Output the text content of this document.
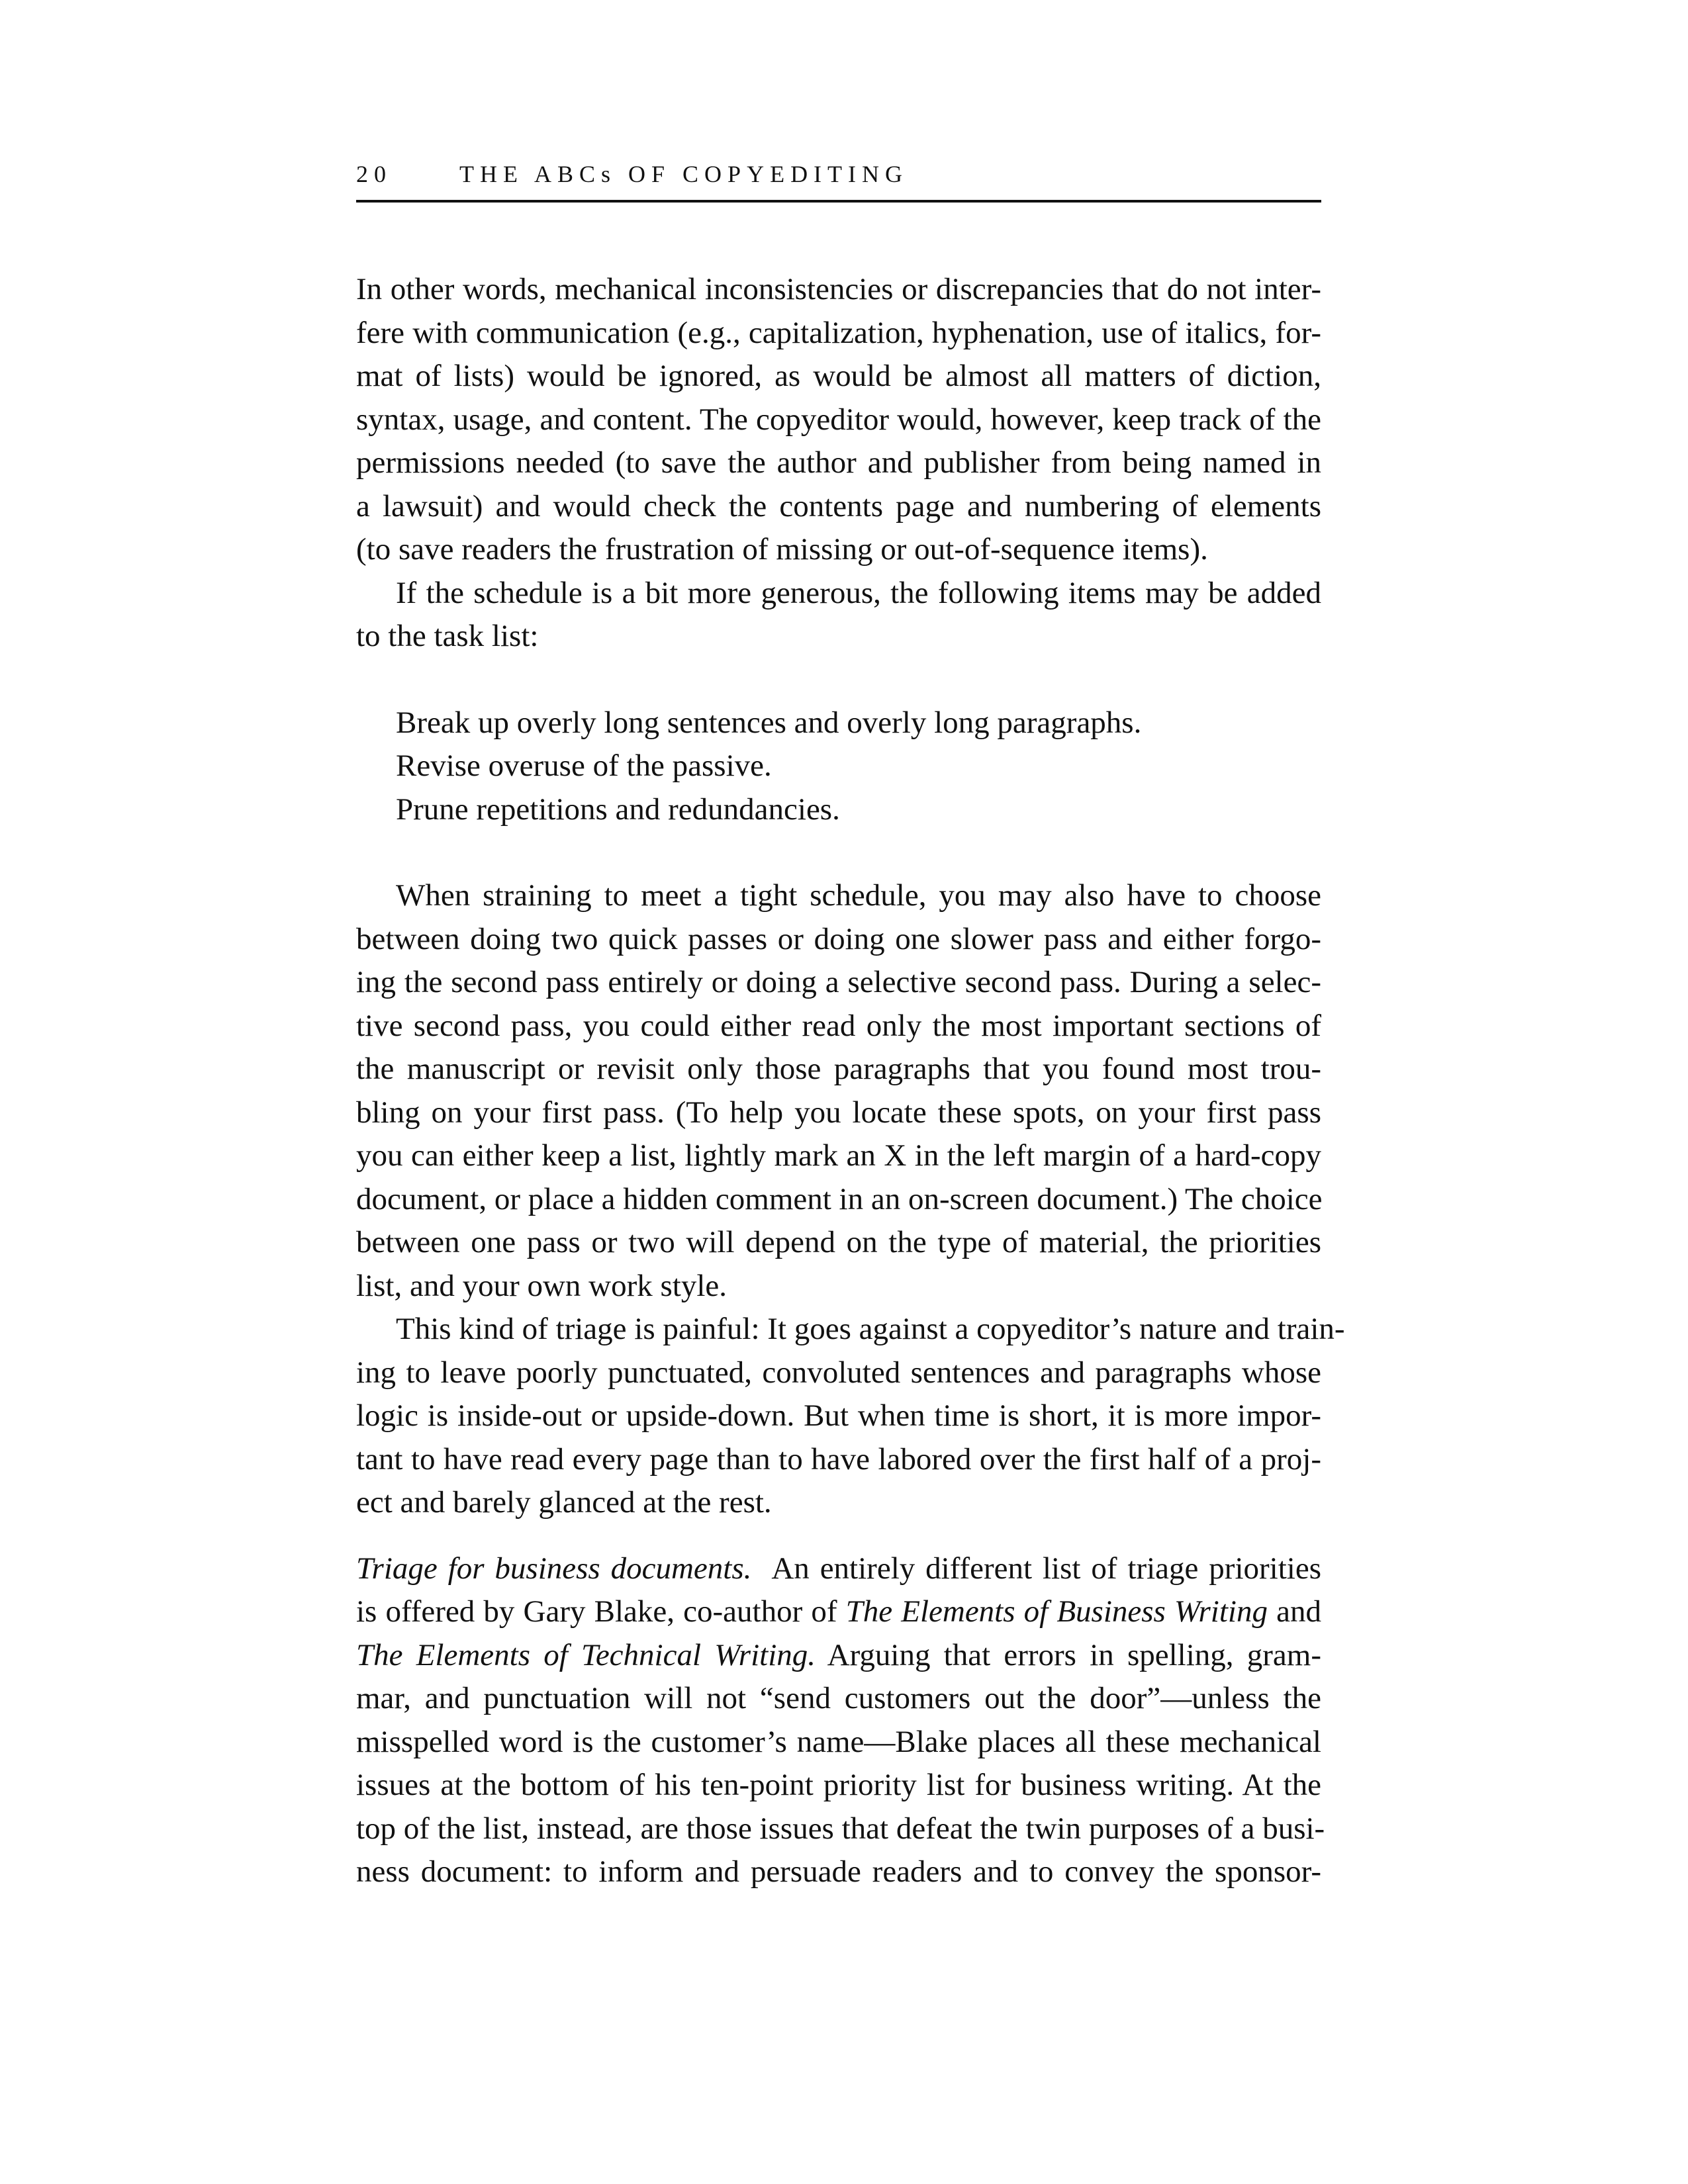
20	THE ABCs OF COPYEDITING

In other words, mechanical inconsistencies or discrepancies that do not inter-
fere with communication (e.g., capitalization, hyphenation, use of italics, for-
mat of lists) would be ignored, as would be almost all matters of diction,
syntax, usage, and content. The copyeditor would, however, keep track of the
permissions needed (to save the author and publisher from being named in
a lawsuit) and would check the contents page and numbering of elements
(to save readers the frustration of missing or out-of-sequence items).

If the schedule is a bit more generous, the following items may be added
to the task list:

Break up overly long sentences and overly long paragraphs.
Revise overuse of the passive.
Prune repetitions and redundancies.

When straining to meet a tight schedule, you may also have to choose
between doing two quick passes or doing one slower pass and either forgo-
ing the second pass entirely or doing a selective second pass. During a selec-
tive second pass, you could either read only the most important sections of
the manuscript or revisit only those paragraphs that you found most trou-
bling on your first pass. (To help you locate these spots, on your first pass
you can either keep a list, lightly mark an X in the left margin of a hard-copy
document, or place a hidden comment in an on-screen document.) The choice
between one pass or two will depend on the type of material, the priorities
list, and your own work style.

This kind of triage is painful: It goes against a copyeditor’s nature and train-
ing to leave poorly punctuated, convoluted sentences and paragraphs whose
logic is inside-out or upside-down. But when time is short, it is more impor-
tant to have read every page than to have labored over the first half of a proj-
ect and barely glanced at the rest.

Triage for business documents. An entirely different list of triage priorities
is offered by Gary Blake, co-author of The Elements of Business Writing and
The Elements of Technical Writing. Arguing that errors in spelling, gram-
mar, and punctuation will not “send customers out the door”—unless the
misspelled word is the customer’s name—Blake places all these mechanical
issues at the bottom of his ten-point priority list for business writing. At the
top of the list, instead, are those issues that defeat the twin purposes of a busi-
ness document: to inform and persuade readers and to convey the sponsor-
